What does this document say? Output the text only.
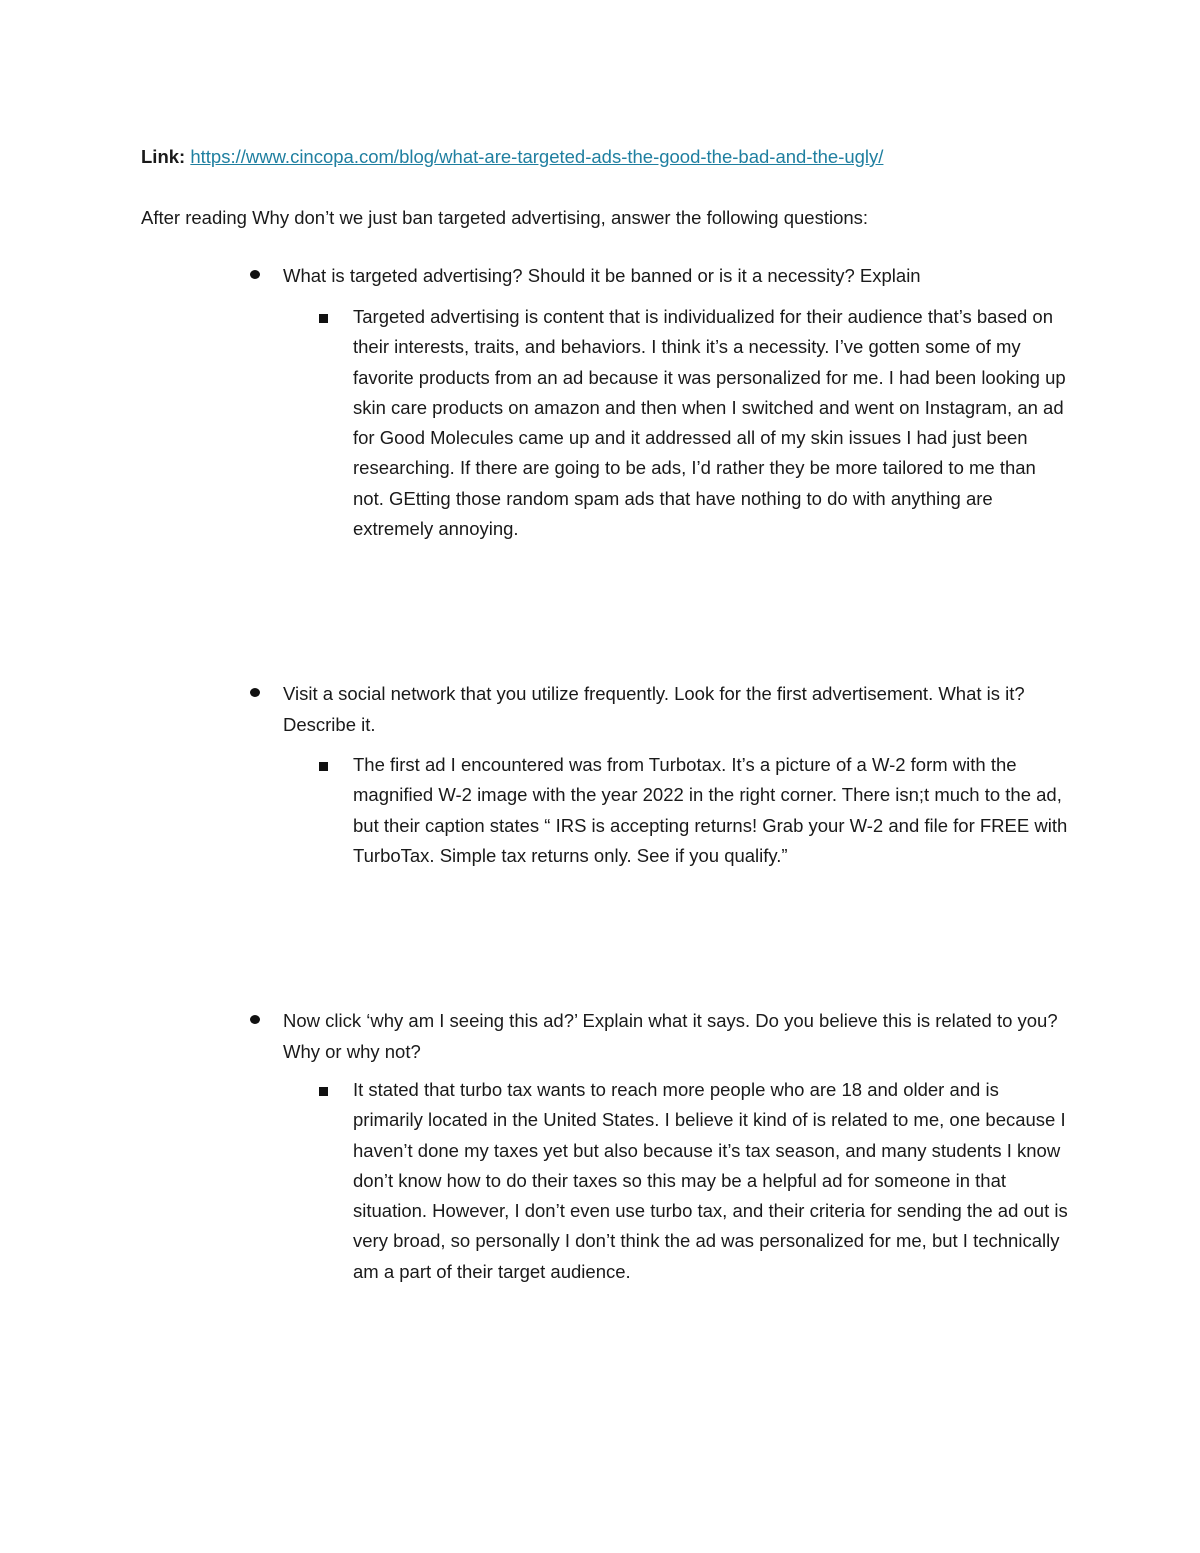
Link: https://www.cincopa.com/blog/what-are-targeted-ads-the-good-the-bad-and-the-ugly/
After reading Why don’t we just ban targeted advertising, answer the following questions:
What is targeted advertising? Should it be banned or is it a necessity? Explain
Targeted advertising is content that is individualized for their audience that’s based on their interests, traits, and behaviors. I think it’s a necessity. I’ve gotten some of my favorite products from an ad because it was personalized for me. I had been looking up skin care products on amazon and then when I switched and went on Instagram, an ad for Good Molecules came up and it addressed all of my skin issues I had just been researching. If there are going to be ads, I’d rather they be more tailored to me than not. GEtting those random spam ads that have nothing to do with anything are extremely annoying.
Visit a social network that you utilize frequently. Look for the first advertisement. What is it? Describe it.
The first ad I encountered was from Turbotax. It’s a picture of a W-2 form with the magnified W-2 image with the year 2022 in the right corner. There isn;t much to the ad, but their caption states “ IRS is accepting returns! Grab your W-2 and file for FREE with TurboTax. Simple tax returns only. See if you qualify.”
Now click ‘why am I seeing this ad?’ Explain what it says. Do you believe this is related to you? Why or why not?
It stated that turbo tax wants to reach more people who are 18 and older and is primarily located in the United States. I believe it kind of is related to me, one because I haven’t done my taxes yet but also because it’s tax season, and many students I know don’t know how to do their taxes so this may be a helpful ad for someone in that situation. However, I don’t even use turbo tax, and their criteria for sending the ad out is very broad, so personally I don’t think the ad was personalized for me, but I technically am a part of their target audience.
